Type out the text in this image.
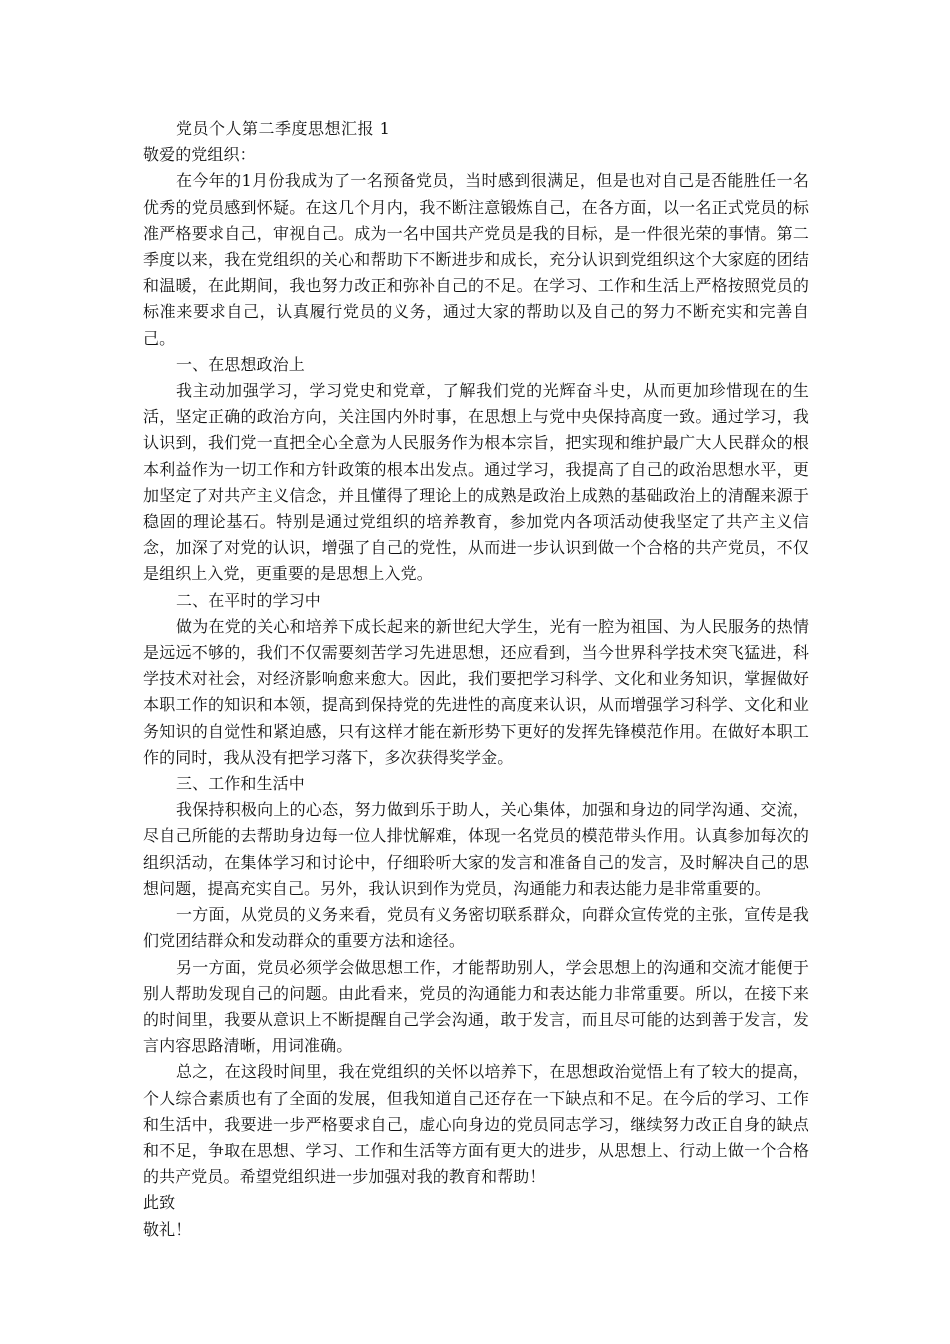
党员个人第二季度思想汇报 1

敬爱的党组织：

在今年的1月份我成为了一名预备党员，当时感到很满足，但是也对自己是否能胜任一名优秀的党员感到怀疑。在这几个月内，我不断注意锻炼自己，在各方面，以一名正式党员的标准严格要求自己，审视自己。成为一名中国共产党员是我的目标，是一件很光荣的事情。第二季度以来，我在党组织的关心和帮助下不断进步和成长，充分认识到党组织这个大家庭的团结和温暖，在此期间，我也努力改正和弥补自己的不足。在学习、工作和生活上严格按照党员的标准来要求自己，认真履行党员的义务，通过大家的帮助以及自己的努力不断充实和完善自己。

一、在思想政治上

我主动加强学习，学习党史和党章，了解我们党的光辉奋斗史，从而更加珍惜现在的生活，坚定正确的政治方向，关注国内外时事，在思想上与党中央保持高度一致。通过学习，我认识到，我们党一直把全心全意为人民服务作为根本宗旨，把实现和维护最广大人民群众的根本利益作为一切工作和方针政策的根本出发点。通过学习，我提高了自己的政治思想水平，更加坚定了对共产主义信念，并且懂得了理论上的成熟是政治上成熟的基础政治上的清醒来源于稳固的理论基石。特别是通过党组织的培养教育，参加党内各项活动使我坚定了共产主义信念，加深了对党的认识，增强了自己的党性，从而进一步认识到做一个合格的共产党员，不仅是组织上入党，更重要的是思想上入党。

二、在平时的学习中

做为在党的关心和培养下成长起来的新世纪大学生，光有一腔为祖国、为人民服务的热情是远远不够的，我们不仅需要刻苦学习先进思想，还应看到，当今世界科学技术突飞猛进，科学技术对社会，对经济影响愈来愈大。因此，我们要把学习科学、文化和业务知识，掌握做好本职工作的知识和本领，提高到保持党的先进性的高度来认识，从而增强学习科学、文化和业务知识的自觉性和紧迫感，只有这样才能在新形势下更好的发挥先锋模范作用。在做好本职工作的同时，我从没有把学习落下，多次获得奖学金。

三、工作和生活中

我保持积极向上的心态，努力做到乐于助人，关心集体，加强和身边的同学沟通、交流，尽自己所能的去帮助身边每一位人排忧解难，体现一名党员的模范带头作用。认真参加每次的组织活动，在集体学习和讨论中，仔细聆听大家的发言和准备自己的发言，及时解决自己的思想问题，提高充实自己。另外，我认识到作为党员，沟通能力和表达能力是非常重要的。

一方面，从党员的义务来看，党员有义务密切联系群众，向群众宣传党的主张，宣传是我们党团结群众和发动群众的重要方法和途径。

另一方面，党员必须学会做思想工作，才能帮助别人，学会思想上的沟通和交流才能便于别人帮助发现自己的问题。由此看来，党员的沟通能力和表达能力非常重要。所以，在接下来的时间里，我要从意识上不断提醒自己学会沟通，敢于发言，而且尽可能的达到善于发言，发言内容思路清晰，用词准确。

总之，在这段时间里，我在党组织的关怀以培养下，在思想政治觉悟上有了较大的提高，个人综合素质也有了全面的发展，但我知道自己还存在一下缺点和不足。在今后的学习、工作和生活中，我要进一步严格要求自己，虚心向身边的党员同志学习，继续努力改正自身的缺点和不足，争取在思想、学习、工作和生活等方面有更大的进步，从思想上、行动上做一个合格的共产党员。希望党组织进一步加强对我的教育和帮助！

此致

敬礼！
